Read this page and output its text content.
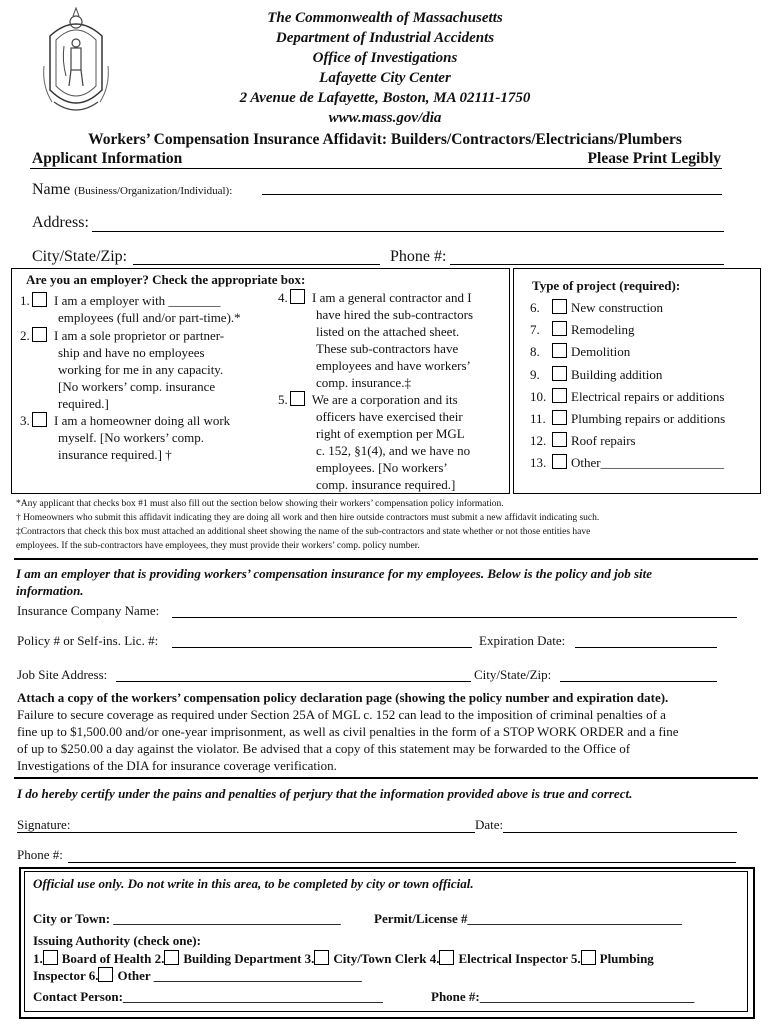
The Commonwealth of Massachusetts
Department of Industrial Accidents
Office of Investigations
Lafayette City Center
2 Avenue de Lafayette, Boston, MA 02111-1750
www.mass.gov/dia
Workers’ Compensation Insurance Affidavit: Builders/Contractors/Electricians/Plumbers
Applicant Information	Please Print Legibly
Name (Business/Organization/Individual):
Address:
City/State/Zip:	Phone #:
Are you an employer? Check the appropriate box:
1. I am a employer with ________
employees (full and/or part-time).*
2. I am a sole proprietor or partner-
ship and have no employees
working for me in any capacity.
[No workers’ comp. insurance
required.]
3. I am a homeowner doing all work
myself. [No workers’ comp.
insurance required.] †
4. I am a general contractor and I
have hired the sub-contractors
listed on the attached sheet.
These sub-contractors have
employees and have workers’
comp. insurance.‡
5. We are a corporation and its
officers have exercised their
right of exemption per MGL
c. 152, §1(4), and we have no
employees. [No workers’
comp. insurance required.]
Type of project (required):
6. New construction
7. Remodeling
8. Demolition
9. Building addition
10. Electrical repairs or additions
11. Plumbing repairs or additions
12. Roof repairs
13. Other___________________
*Any applicant that checks box #1 must also fill out the section below showing their workers’ compensation policy information.
† Homeowners who submit this affidavit indicating they are doing all work and then hire outside contractors must submit a new affidavit indicating such.
‡Contractors that check this box must attached an additional sheet showing the name of the sub-contractors and state whether or not those entities have
employees. If the sub-contractors have employees, they must provide their workers’ comp. policy number.
I am an employer that is providing workers’ compensation insurance for my employees. Below is the policy and job site
information.
Insurance Company Name:
Policy # or Self-ins. Lic. #:	Expiration Date:
Job Site Address:	City/State/Zip:
Attach a copy of the workers’ compensation policy declaration page (showing the policy number and expiration date).
Failure to secure coverage as required under Section 25A of MGL c. 152 can lead to the imposition of criminal penalties of a
fine up to $1,500.00 and/or one-year imprisonment, as well as civil penalties in the form of a STOP WORK ORDER and a fine
of up to $250.00 a day against the violator. Be advised that a copy of this statement may be forwarded to the Office of
Investigations of the DIA for insurance coverage verification.
I do hereby certify under the pains and penalties of perjury that the information provided above is true and correct.
Signature:	Date:
Phone #:
Official use only. Do not write in this area, to be completed by city or town official.
City or Town: ___________________________________	Permit/License #_________________________________
Issuing Authority (check one):
1. Board of Health 2. Building Department 3. City/Town Clerk 4. Electrical Inspector 5. Plumbing
Inspector 6. Other ________________________________
Contact Person:________________________________________	Phone #:_________________________________
